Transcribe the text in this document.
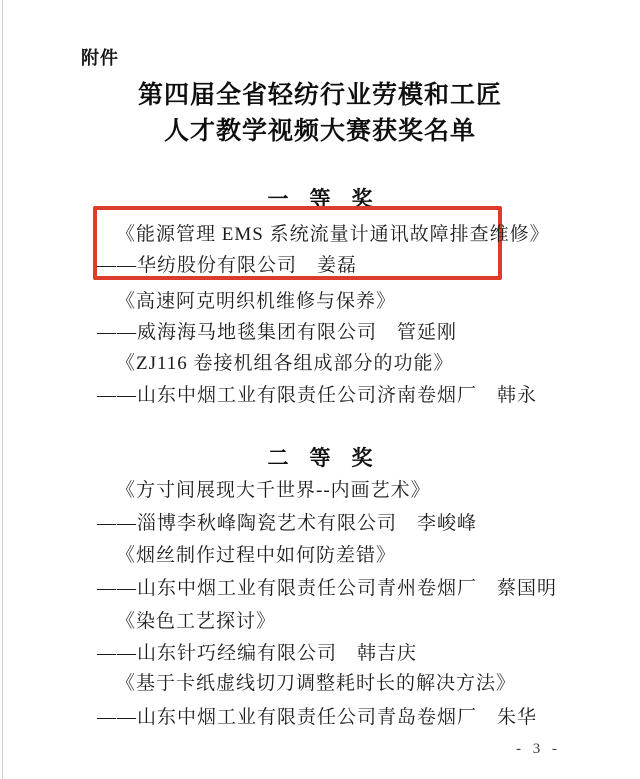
附件
第四届全省轻纺行业劳模和工匠
人才教学视频大赛获奖名单
一　等　奖
《能源管理 EMS 系统流量计通讯故障排查维修》
——华纺股份有限公司　姜磊
《高速阿克明织机维修与保养》
——威海海马地毯集团有限公司　管延刚
《ZJ116 卷接机组各组成部分的功能》
——山东中烟工业有限责任公司济南卷烟厂　韩永
二　等　奖
《方寸间展现大千世界--内画艺术》
——淄博李秋峰陶瓷艺术有限公司　李峻峰
《烟丝制作过程中如何防差错》
——山东中烟工业有限责任公司青州卷烟厂　蔡国明
《染色工艺探讨》
——山东针巧经编有限公司　韩吉庆
《基于卡纸虚线切刀调整耗时长的解决方法》
——山东中烟工业有限责任公司青岛卷烟厂　朱华
- 3 -
